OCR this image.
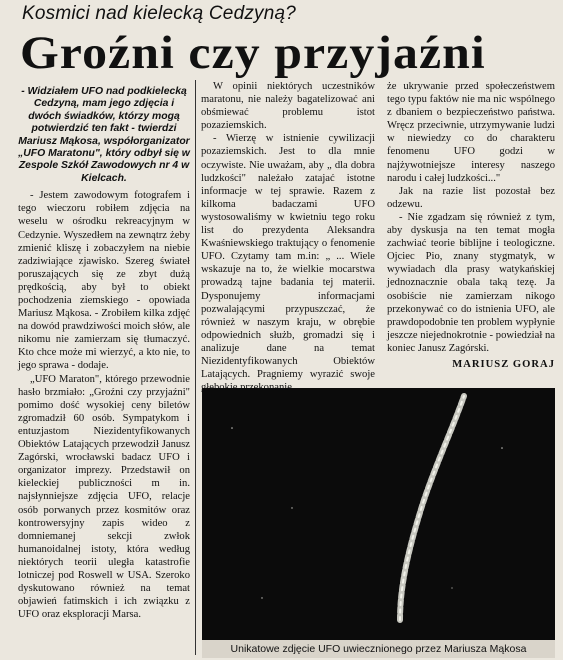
Kosmici nad kielecką Cedzyną?
Groźni czy przyjaźni
- Widziałem UFO nad podkielecką Cedzyną, mam jego zdjęcia i dwóch świadków, którzy mogą potwierdzić ten fakt - twierdzi Mariusz Mąkosa, współorganizator „UFO Maratonu", który odbył się w Zespole Szkół Zawodowych nr 4 w Kielcach.

- Jestem zawodowym fotografem i tego wieczoru robiłem zdjęcia na weselu w ośrodku rekreacyjnym w Cedzynie. Wyszedłem na zewnątrz żeby zmienić kliszę i zobaczyłem na niebie zadziwiające zjawisko. Szereg świateł poruszających się ze zbyt dużą prędkością, aby był to obiekt pochodzenia ziemskiego - opowiada Mariusz Mąkosa. - Zrobiłem kilka zdjęć na dowód prawdziwości moich słów, ale nikomu nie zamierzam się tłumaczyć. Kto chce może mi wierzyć, a kto nie, to jego sprawa - dodaje.

„UFO Maraton", którego przewodnie hasło brzmiało: „Groźni czy przyjaźni" pomimo dość wysokiej ceny biletów zgromadził 60 osób. Sympatykom i entuzjastom Niezidentyfikowanych Obiektów Latających przewodził Janusz Zagórski, wrocławski badacz UFO i organizator imprezy. Przedstawił on kieleckiej publiczności m in. najsłynniejsze zdjęcia UFO, relacje osób porwanych przez kosmitów oraz kontrowersyjny zapis wideo z domniemanej sekcji zwłok humanoidalnej istoty, która według niektórych teorii uległa katastrofie lotniczej pod Roswell w USA. Szeroko dyskutowano również na temat objawień fatimskich i ich związku z UFO oraz eksploracji Marsa.

W opinii niektórych uczestników maratonu, nie należy bagatelizować ani obśmiewać problemu istot pozaziemskich.

- Wierzę w istnienie cywilizacji pozaziemskich. Jest to dla mnie oczywiste. Nie uważam, aby „ dla dobra ludzkości" należało zatajać istotne informacje w tej sprawie. Razem z kilkoma badaczami UFO wystosowaliśmy w kwietniu tego roku list do prezydenta Aleksandra Kwaśniewskiego traktujący o fenomenie UFO. Czytamy tam m.in: „ ... Wiele wskazuje na to, że wielkie mocarstwa prowadzą tajne badania tej materii. Dysponujemy informacjami pozwalającymi przypuszczać, że również w naszym kraju, w obrębie odpowiednich służb, gromadzi się i analizuje dane na temat Niezidentyfikowanych Obiektów Latających. Pragniemy wyrazić swoje

że ukrywanie przed społeczeństwem tego typu faktów nie ma nic wspólnego z dbaniem o bezpieczeństwo państwa. Wręcz przeciwnie, utrzymywanie ludzi w niewiedzy co do charakteru fenomenu UFO godzi w najżywotniejsze interesy naszego narodu i całej ludzkości..."

Jak na razie list pozostał bez odzewu.

- Nie zgadzam się również z tym, aby dyskusja na ten temat mogła zachwiać teorie biblijne i teologiczne. Ojciec Pio, znany stygmatyk, w wywiadach dla prasy watykańskiej jednoznacznie obala taką tezę. Ja osobiście nie zamierzam nikogo przekonywać co do istnienia UFO, ale prawdopodobnie ten problem wypłynie jeszcze niejednokrotnie - powiedział na koniec Janusz Zagórski.

MARIUSZ GORAJ
Unikatowe zdjęcie UFO uwiecznionego przez Mariusza Mąkosa
